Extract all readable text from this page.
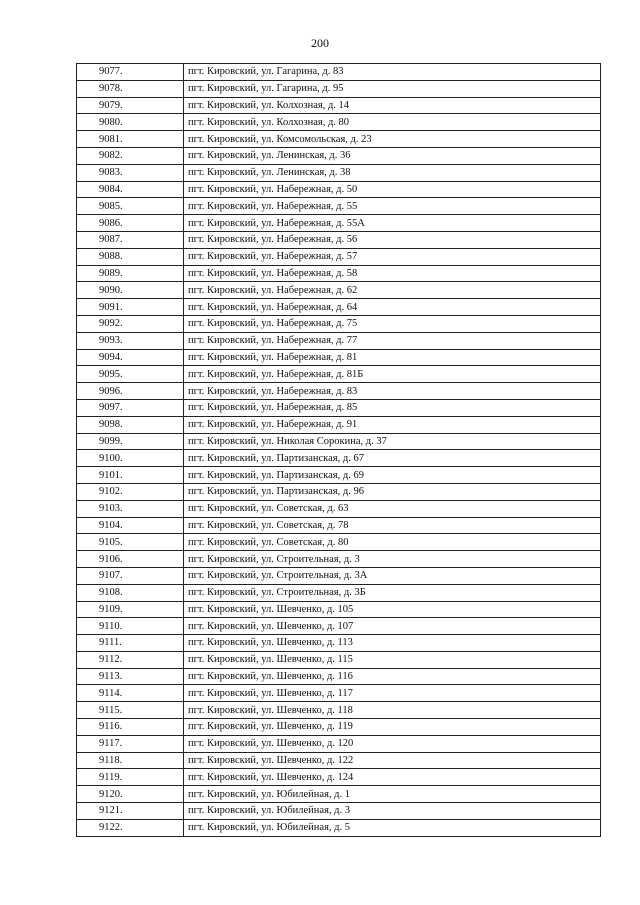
200
9077.	пгт. Кировский, ул. Гагарина, д. 83
9078.	пгт. Кировский, ул. Гагарина, д. 95
9079.	пгт. Кировский, ул. Колхозная, д. 14
9080.	пгт. Кировский, ул. Колхозная, д. 80
9081.	пгт. Кировский, ул. Комсомольская, д. 23
9082.	пгт. Кировский, ул. Ленинская, д. 36
9083.	пгт. Кировский, ул. Ленинская, д. 38
9084.	пгт. Кировский, ул. Набережная, д. 50
9085.	пгт. Кировский, ул. Набережная, д. 55
9086.	пгт. Кировский, ул. Набережная, д. 55А
9087.	пгт. Кировский, ул. Набережная, д. 56
9088.	пгт. Кировский, ул. Набережная, д. 57
9089.	пгт. Кировский, ул. Набережная, д. 58
9090.	пгт. Кировский, ул. Набережная, д. 62
9091.	пгт. Кировский, ул. Набережная, д. 64
9092.	пгт. Кировский, ул. Набережная, д. 75
9093.	пгт. Кировский, ул. Набережная, д. 77
9094.	пгт. Кировский, ул. Набережная, д. 81
9095.	пгт. Кировский, ул. Набережная, д. 81Б
9096.	пгт. Кировский, ул. Набережная, д. 83
9097.	пгт. Кировский, ул. Набережная, д. 85
9098.	пгт. Кировский, ул. Набережная, д. 91
9099.	пгт. Кировский, ул. Николая Сорокина, д. 37
9100.	пгт. Кировский, ул. Партизанская, д. 67
9101.	пгт. Кировский, ул. Партизанская, д. 69
9102.	пгт. Кировский, ул. Партизанская, д. 96
9103.	пгт. Кировский, ул. Советская, д. 63
9104.	пгт. Кировский, ул. Советская, д. 78
9105.	пгт. Кировский, ул. Советская, д. 80
9106.	пгт. Кировский, ул. Строительная, д. 3
9107.	пгт. Кировский, ул. Строительная, д. 3А
9108.	пгт. Кировский, ул. Строительная, д. 3Б
9109.	пгт. Кировский, ул. Шевченко, д. 105
9110.	пгт. Кировский, ул. Шевченко, д. 107
9111.	пгт. Кировский, ул. Шевченко, д. 113
9112.	пгт. Кировский, ул. Шевченко, д. 115
9113.	пгт. Кировский, ул. Шевченко, д. 116
9114.	пгт. Кировский, ул. Шевченко, д. 117
9115.	пгт. Кировский, ул. Шевченко, д. 118
9116.	пгт. Кировский, ул. Шевченко, д. 119
9117.	пгт. Кировский, ул. Шевченко, д. 120
9118.	пгт. Кировский, ул. Шевченко, д. 122
9119.	пгт. Кировский, ул. Шевченко, д. 124
9120.	пгт. Кировский, ул. Юбилейная, д. 1
9121.	пгт. Кировский, ул. Юбилейная, д. 3
9122.	пгт. Кировский, ул. Юбилейная, д. 5
